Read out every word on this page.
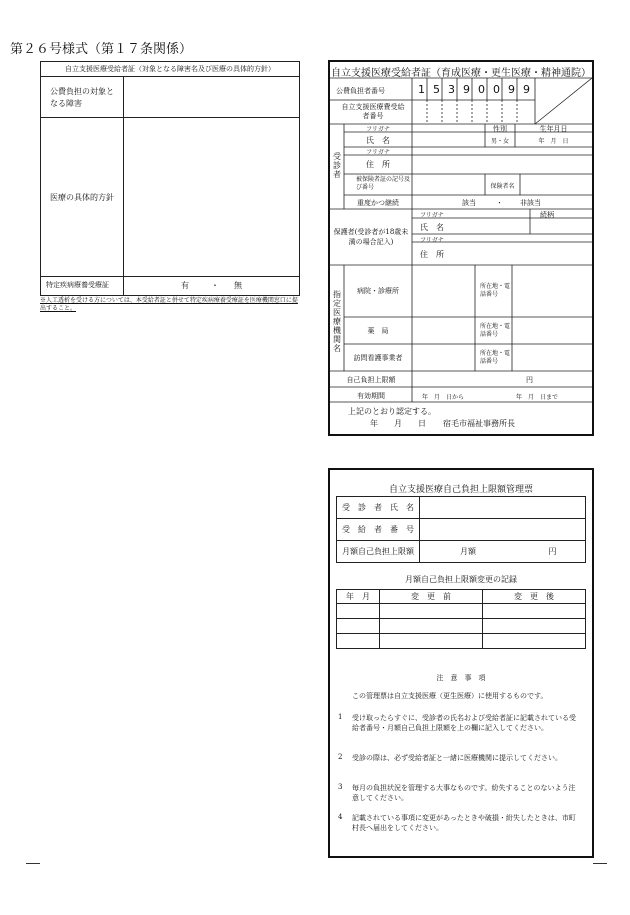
第２６号様式（第１７条関係）
自立支援医療受給者証（対象となる障害名及び医療の具体的方針）
公費負担の対象となる障害
医療の具体的方針
特定疾病療養受療証	有	・ 無
※人工透析を受ける方については、本受給者証と併せて特定疾病療養受療証を医療機関窓口に提出すること。
自立支援医療受給者証（育成医療・更生医療・精神通院）
公費負担者番号	1 5 3 9 0 0 9 9
自立支援医療費受給者番号
受診者
フリガナ	性別	生年月日
氏　名	男・女	年　月　日
フリガナ
住　所
被保険者証の記号及び番号	保険者名
重度かつ継続	該当	・ 非該当
保護者(受診者が18歳未満の場合記入)
フリガナ	続柄
氏　名
フリガナ
住　所
指定医療機関名
病院・診療所
所在地・電話番号
薬　局
所在地・電話番号
訪問看護事業者
所在地・電話番号
自己負担上限額	円
有効期間	年　月　日から	年　月　日まで
上記のとおり認定する。
年　　月　　日 宿毛市福祉事務所長
自立支援医療自己負担上限額管理票
受　診　者　氏　名	
受　給　者　番　号	
月額自己負担上限額	月額 円
月額自己負担上限額変更の記録
年　月	変　更　前	変　更　後

注　意　事　項
この管理票は自立支援医療（更生医療）に使用するものです。
1	受け取ったらすぐに、受診者の氏名および受給者証に記載されている受給者番号・月額自己負担上限額を上の欄に記入してください。
2	受診の際は、必ず受給者証と一緒に医療機関に提示してください。
3	毎月の負担状況を管理する大事なものです。紛失することのないよう注意してください。
4	記載されている事項に変更があったときや破損・紛失したときは、市町村長へ届出をしてください。
